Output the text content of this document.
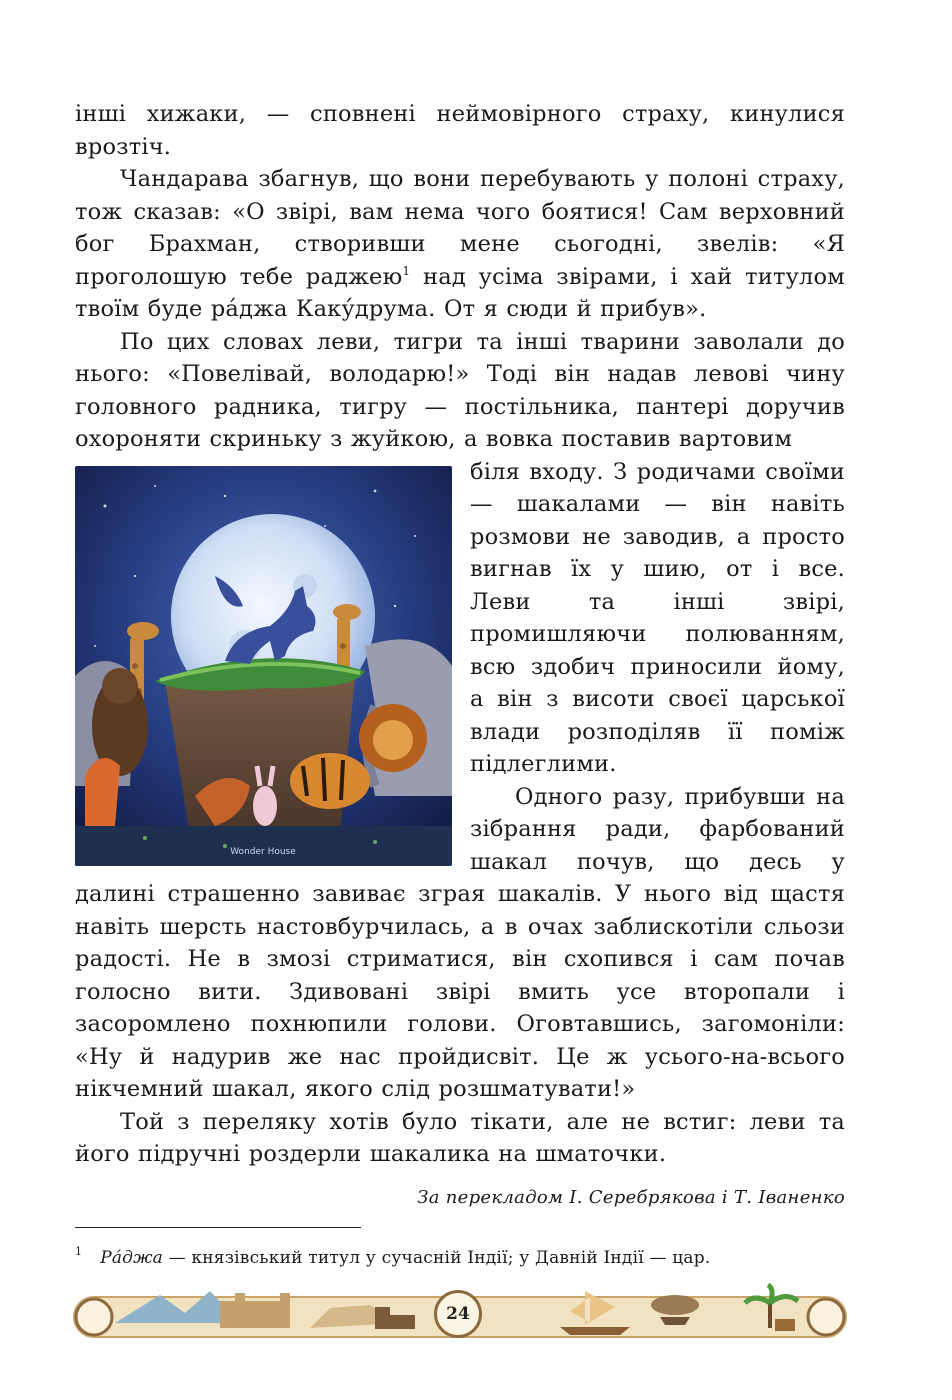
інші хижаки, — сповнені неймовірного страху, кинулися врозтіч.

Чандарава збагнув, що вони перебувають у полоні страху, тож сказав: «О звірі, вам нема чого боятися! Сам верховний бог Брахман, створивши мене сьогодні, звелів: «Я проголошую тебе раджею$^1$ над усіма звірами, і хай титулом твоїм буде ра́джа Каку́друма. От я сюди й прибув».

По цих словах леви, тигри та інші тварини заволали до нього: «Повелівай, володарю!» Тоді він надав левові чину головного радника, тигру — постільника, пантері доручив охороняти скриньку з жуйкою, а вовка поставив вартовим

Wonder House

біля входу. З родичами своїми — шакалами — він навіть розмови не заводив, а просто вигнав їх у шию, от і все. Леви та інші звірі, промишляючи полюванням, всю здобич приносили йому, а він з висоти своєї царської влади розподіляв її поміж підлеглими.

Одного разу, прибувши на зібрання ради, фарбований шакал почув, що десь у далині страшенно завиває зграя шакалів. У нього від щастя навіть шерсть настовбурчилась, а в очах заблискотіли сльози радості. Не в змозі стриматися, він схопився і сам почав голосно вити. Здивовані звірі вмить усе второпали і засоромлено похнюпили голови. Оговтавшись, загомоніли: «Ну й надурив же нас пройдисвіт. Це ж усього-на-всього нікчемний шакал, якого слід розшматувати!»

Той з переляку хотів було тікати, але не встиг: леви та його підручні роздерли шакалика на шматочки.

За перекладом І. Серебрякова і Т. Іваненко
$^1$ Ра́джа — князівський титул у сучасній Індії; у Давній Індії — цар.
24
